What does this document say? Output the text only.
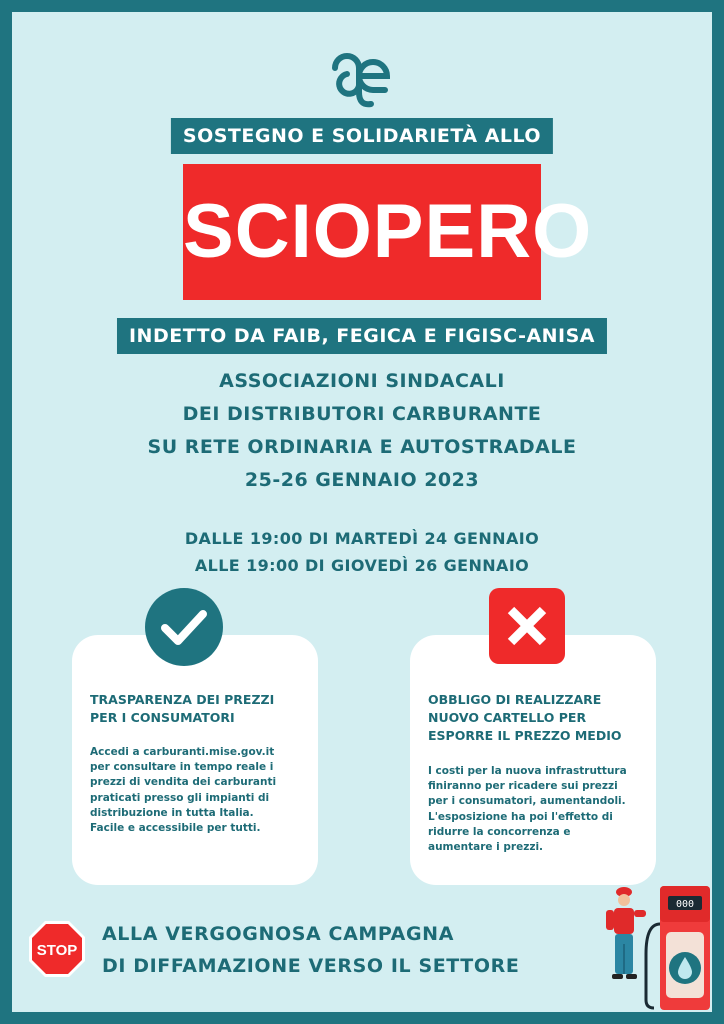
SOSTEGNO E SOLIDARIETÀ ALLO
SCIOPERO
INDETTO DA FAIB, FEGICA E FIGISC-ANISA
ASSOCIAZIONI SINDACALI
DEI DISTRIBUTORI CARBURANTE
SU RETE ORDINARIA E AUTOSTRADALE
25-26 GENNAIO 2023
DALLE 19:00 DI MARTEDÌ 24 GENNAIO
ALLE 19:00 DI GIOVEDÌ 26 GENNAIO
TRASPARENZA DEI PREZZI
PER I CONSUMATORI
Accedi a carburanti.mise.gov.it
per consultare in tempo reale i
prezzi di vendita dei carburanti
praticati presso gli impianti di
distribuzione in tutta Italia.
Facile e accessibile per tutti.
OBBLIGO DI REALIZZARE
NUOVO CARTELLO PER
ESPORRE IL PREZZO MEDIO
I costi per la nuova infrastruttura
finiranno per ricadere sui prezzi
per i consumatori, aumentandoli.
L'esposizione ha poi l'effetto di
ridurre la concorrenza e
aumentare i prezzi.
STOP
ALLA VERGOGNOSA CAMPAGNA
DI DIFFAMAZIONE VERSO IL SETTORE
000
